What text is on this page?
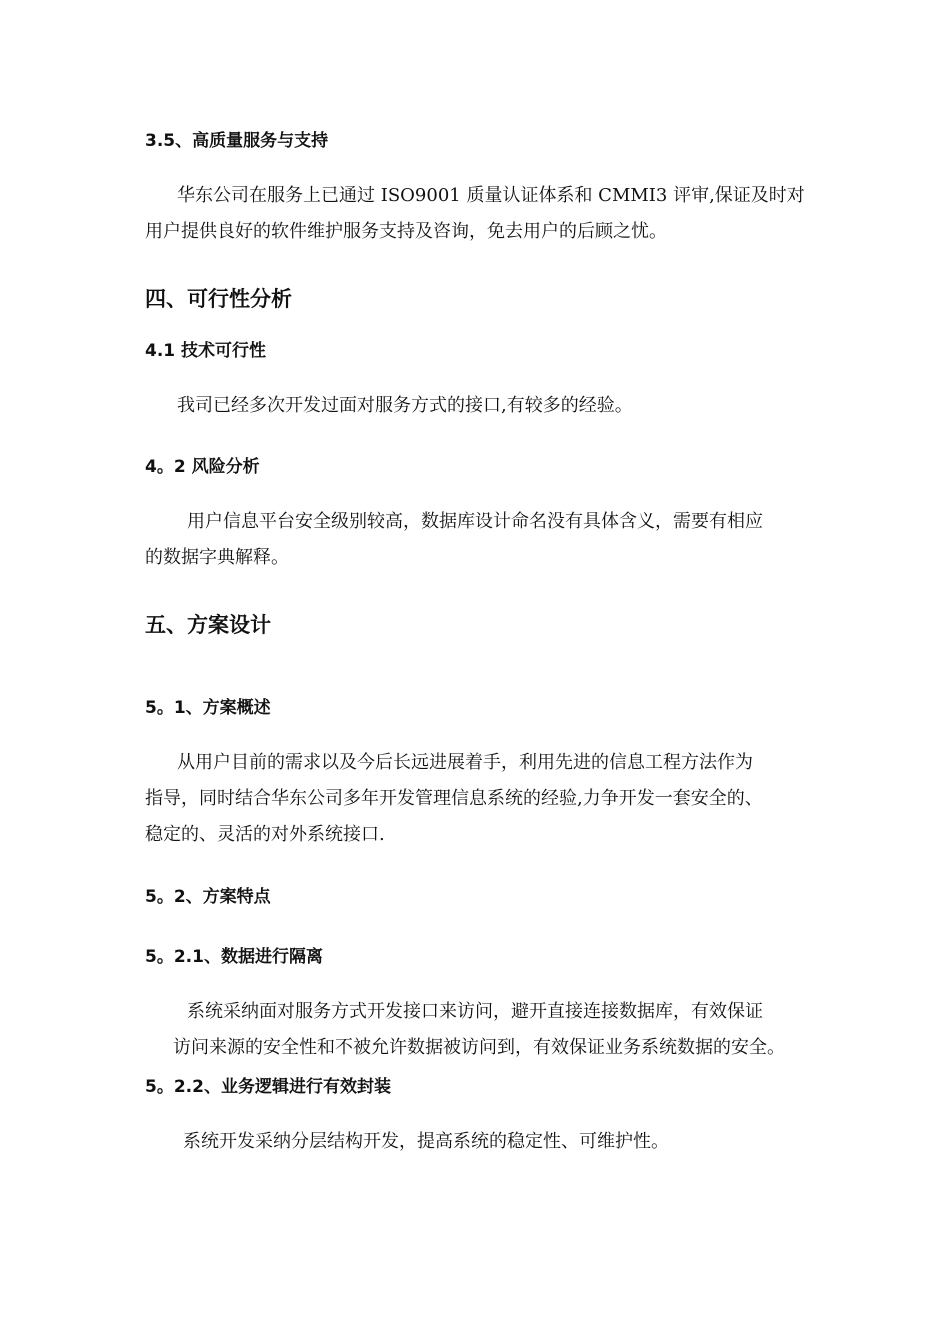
3.5、高质量服务与支持

华东公司在服务上已通过 ISO9001 质量认证体系和 CMMI3 评审,保证及时对
用户提供良好的软件维护服务支持及咨询，免去用户的后顾之忧。

四、可行性分析
4.1 技术可行性

我司已经多次开发过面对服务方式的接口,有较多的经验。

4。2 风险分析

用户信息平台安全级别较高，数据库设计命名没有具体含义，需要有相应
的数据字典解释。

五、方案设计
5。1、方案概述

从用户目前的需求以及今后长远进展着手，利用先进的信息工程方法作为
指导，同时结合华东公司多年开发管理信息系统的经验,力争开发一套安全的、
稳定的、灵活的对外系统接口.

5。2、方案特点
5。2.1、数据进行隔离

系统采纳面对服务方式开发接口来访问，避开直接连接数据库，有效保证
访问来源的安全性和不被允许数据被访问到，有效保证业务系统数据的安全。

5。2.2、业务逻辑进行有效封装

系统开发采纳分层结构开发，提高系统的稳定性、可维护性。
